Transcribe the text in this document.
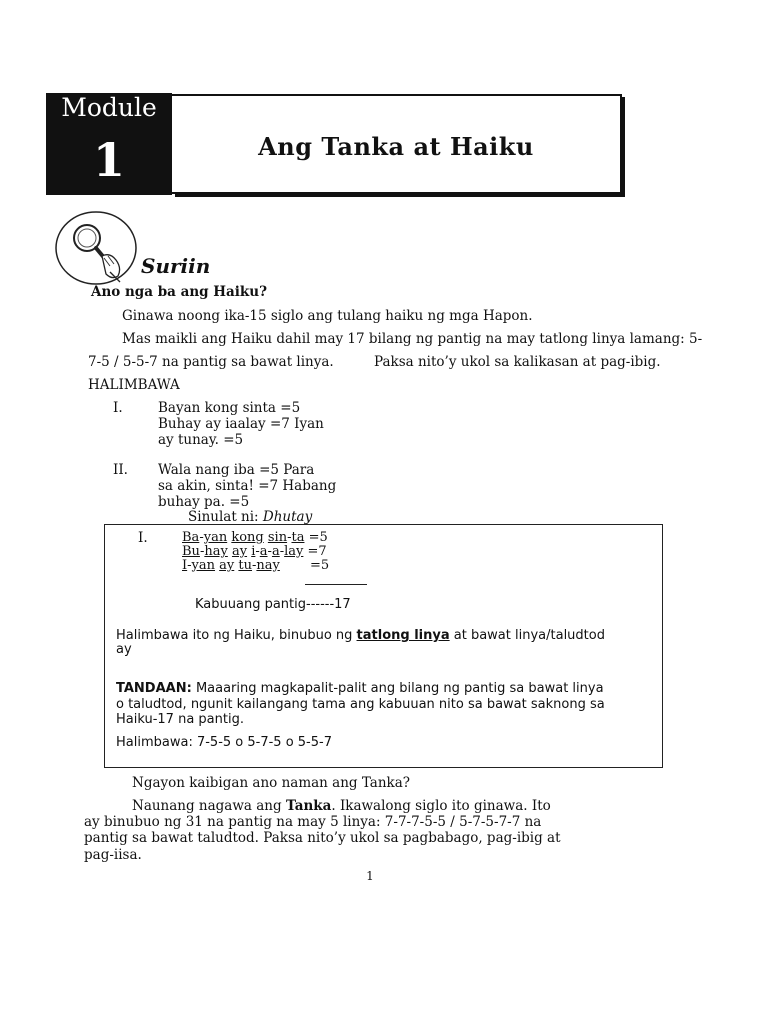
Module
1	Ang Tanka at Haiku
Suriin
Ano nga ba ang Haiku?
Ginawa noong ika-15 siglo ang tulang haiku ng mga Hapon.
Mas maikli ang Haiku dahil may 17 bilang ng pantig na may tatlong linya lamang: 5-
7-5 / 5-5-7 na pantig sa bawat linya.	Paksa nito’y ukol sa kalikasan at pag-ibig.
HALIMBAWA
I.	Bayan kong sinta =5
Buhay ay iaalay =7 Iyan
ay tunay. =5
II. Wala nang iba =5 Para
sa akin, sinta! =7 Habang
buhay pa. =5
Sinulat ni: Dhutay
I.	Ba-yan kong sin-ta =5
Bu-hay ay i-a-a-lay =7
I-yan ay tu-nay =5
Kabuuang pantig------17
Halimbawa ito ng Haiku, binubuo ng tatlong linya at bawat linya/taludtod
ay
TANDAAN: Maaaring magkapalit-palit ang bilang ng pantig sa bawat linya
o taludtod, ngunit kailangang tama ang kabuuan nito sa bawat saknong sa
Haiku-17 na pantig.
Halimbawa: 7-5-5 o 5-7-5 o 5-5-7
Ngayon kaibigan ano naman ang Tanka?
Naunang nagawa ang Tanka. Ikawalong siglo ito ginawa. Ito
ay binubuo ng 31 na pantig na may 5 linya: 7-7-7-5-5 / 5-7-5-7-7 na
pantig sa bawat taludtod. Paksa nito’y ukol sa pagbabago, pag-ibig at
pag-iisa.
1
